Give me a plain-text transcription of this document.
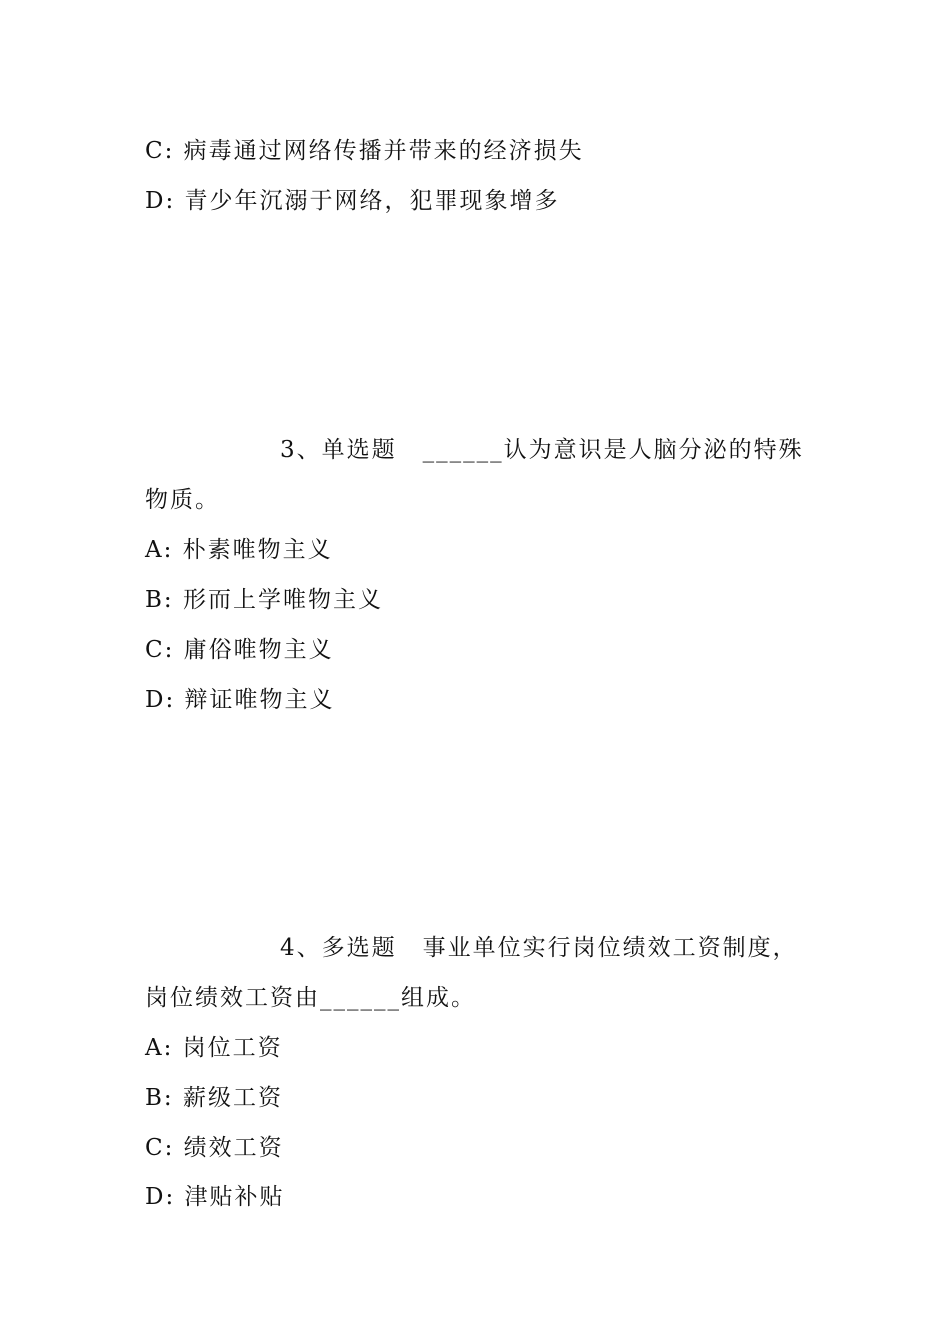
C: 病毒通过网络传播并带来的经济损失
D: 青少年沉溺于网络，犯罪现象增多
3、单选题 ______认为意识是人脑分泌的特殊
物质。
A: 朴素唯物主义
B: 形而上学唯物主义
C: 庸俗唯物主义
D: 辩证唯物主义
4、多选题 事业单位实行岗位绩效工资制度，
岗位绩效工资由______组成。
A: 岗位工资
B: 薪级工资
C: 绩效工资
D: 津贴补贴
